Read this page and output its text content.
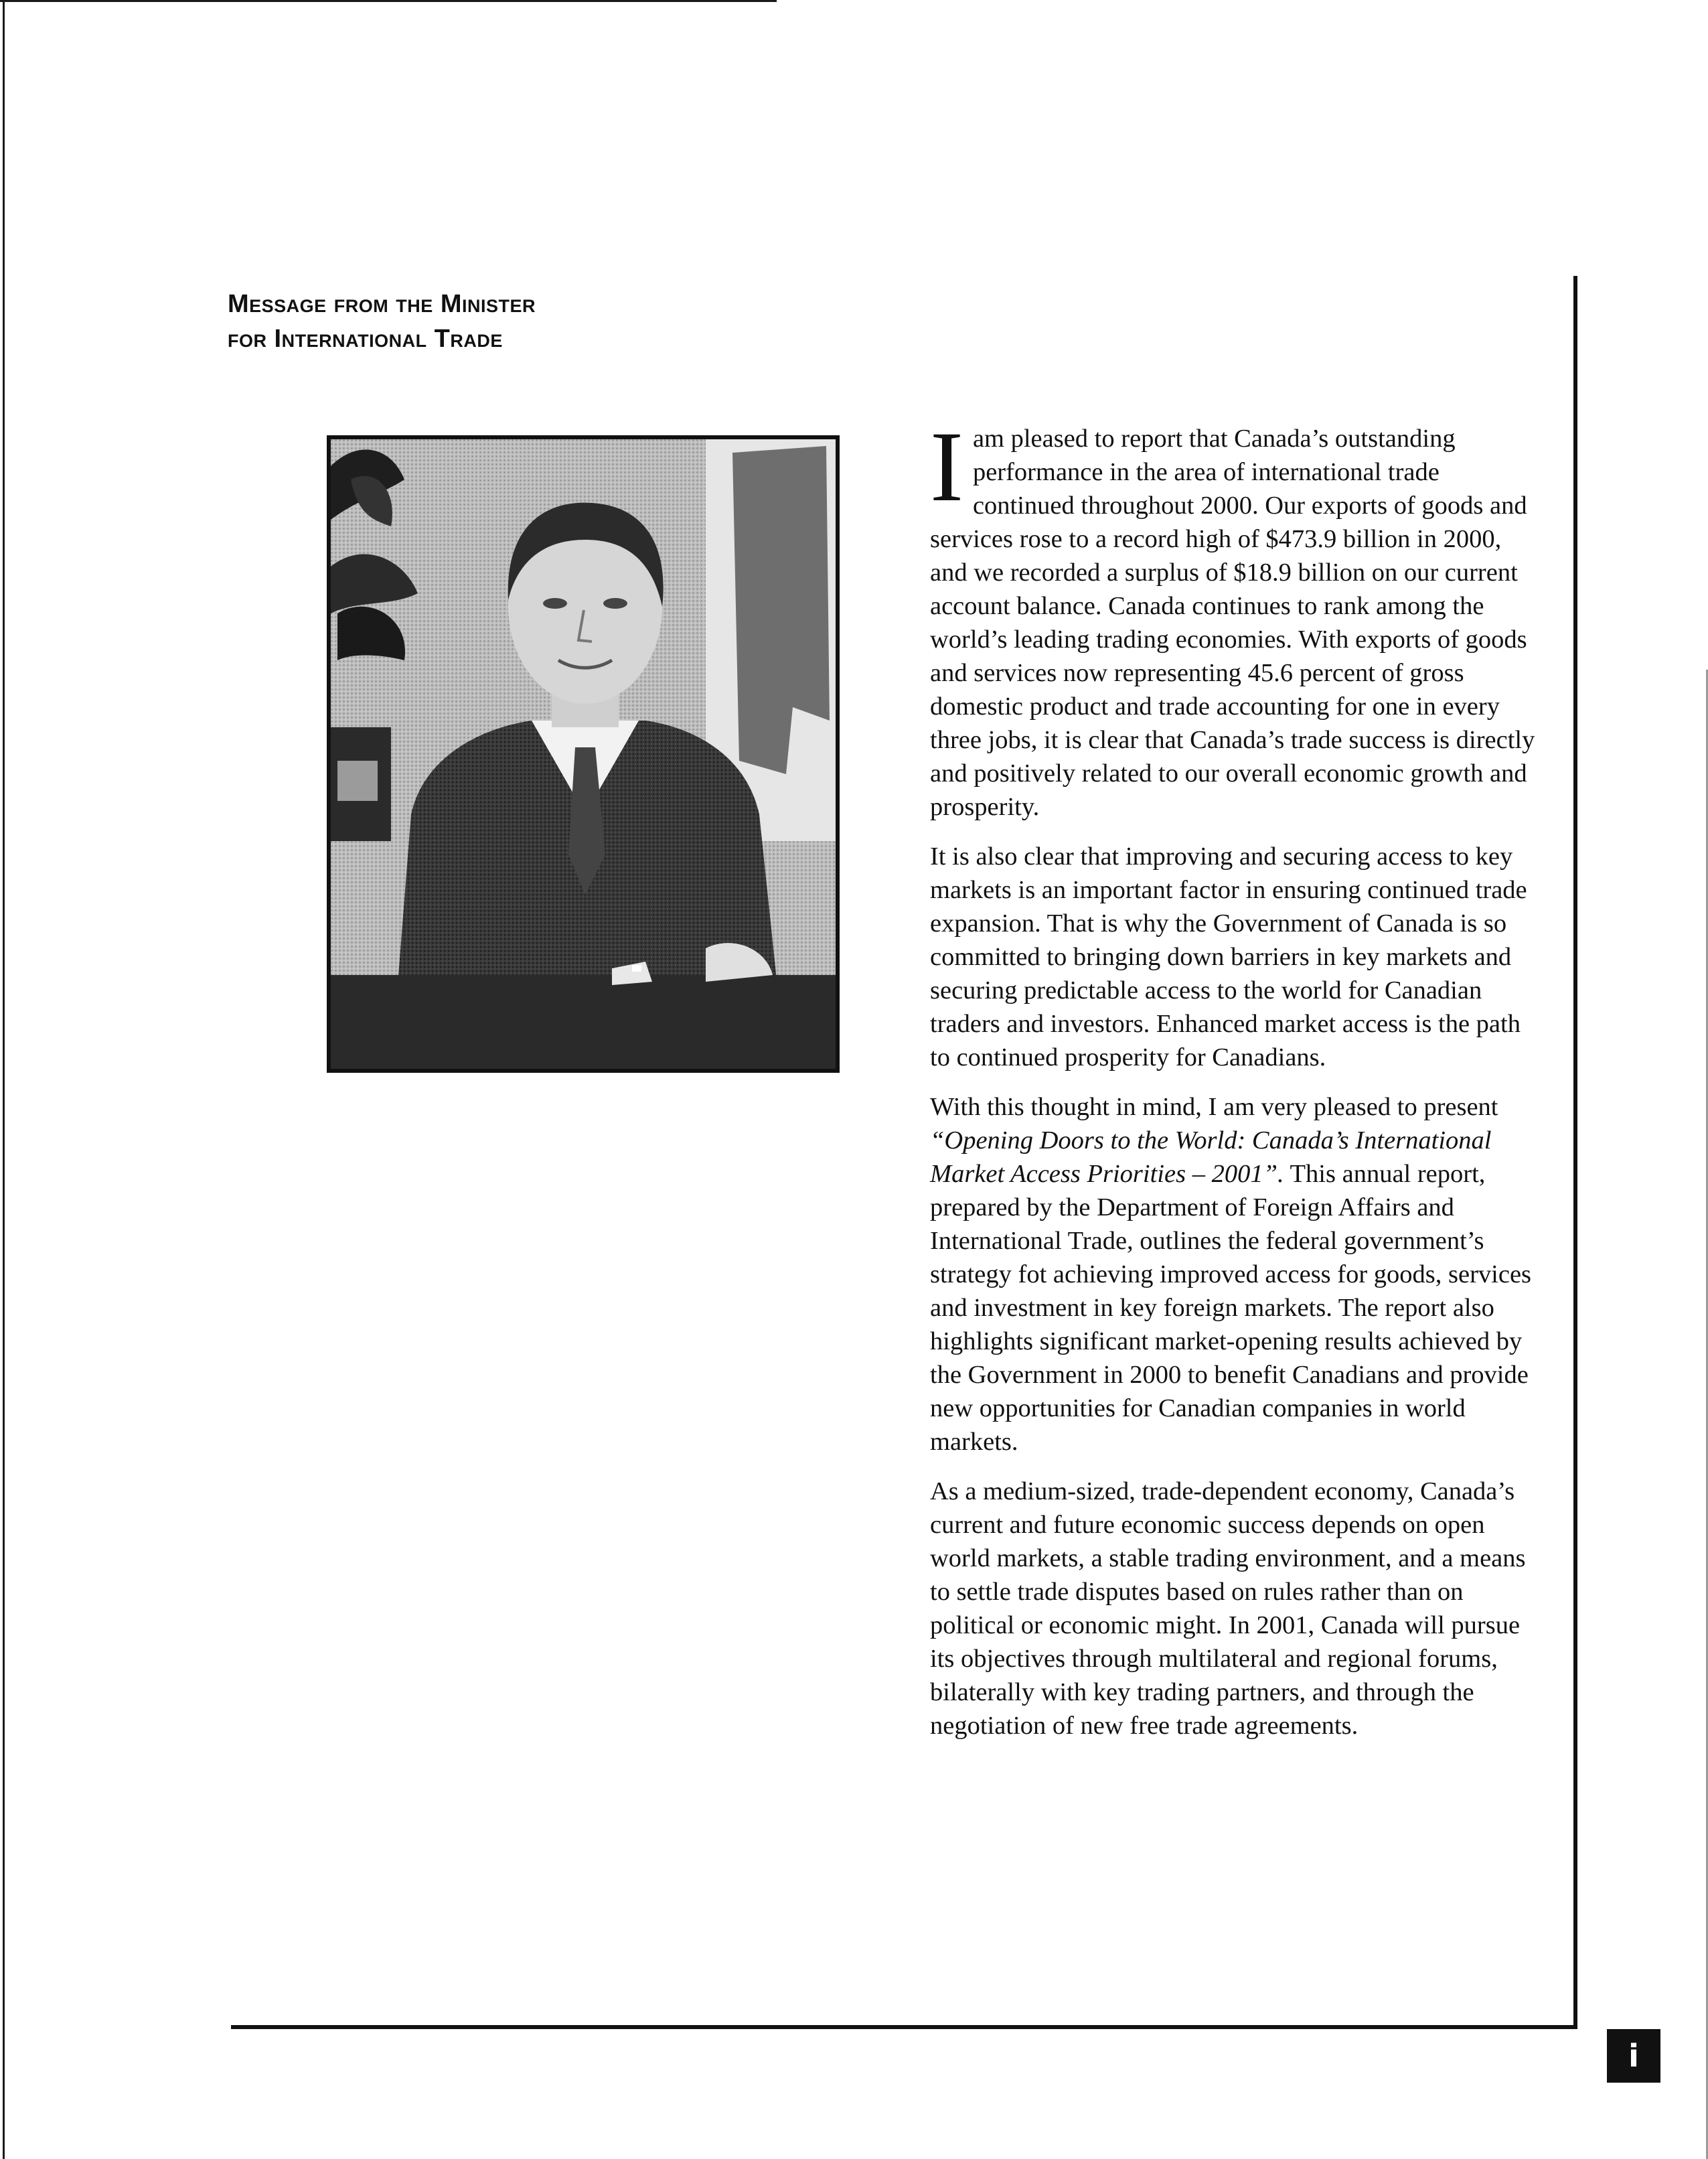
Message from the Minister
for International Trade

Iam pleased to report that Canada’s outstanding performance in the area of international trade continued throughout 2000. Our exports of goods and services rose to a record high of $473.9 billion in 2000, and we recorded a surplus of $18.9 billion on our current account balance. Canada continues to rank among the world’s leading trading economies. With exports of goods and services now representing 45.6 percent of gross domestic product and trade accounting for one in every three jobs, it is clear that Canada’s trade success is directly and positively related to our overall economic growth and prosperity.

It is also clear that improving and securing access to key markets is an important factor in ensuring continued trade expansion. That is why the Government of Canada is so committed to bringing down barriers in key markets and securing predictable access to the world for Canadian traders and investors. Enhanced market access is the path to continued prosperity for Canadians.

With this thought in mind, I am very pleased to present “Opening Doors to the World: Canada’s International Market Access Priorities – 2001”. This annual report, prepared by the Department of Foreign Affairs and International Trade, outlines the federal government’s strategy fot achieving improved access for goods, services and investment in key foreign markets. The report also highlights significant market-opening results achieved by the Government in 2000 to benefit Canadians and provide new opportunities for Canadian companies in world markets.

As a medium-sized, trade-dependent economy, Canada’s current and future economic success depends on open world markets, a stable trading environment, and a means to settle trade disputes based on rules rather than on political or economic might. In 2001, Canada will pursue its objectives through multilateral and regional forums, bilaterally with key trading partners, and through the negotiation of new free trade agreements.

i
